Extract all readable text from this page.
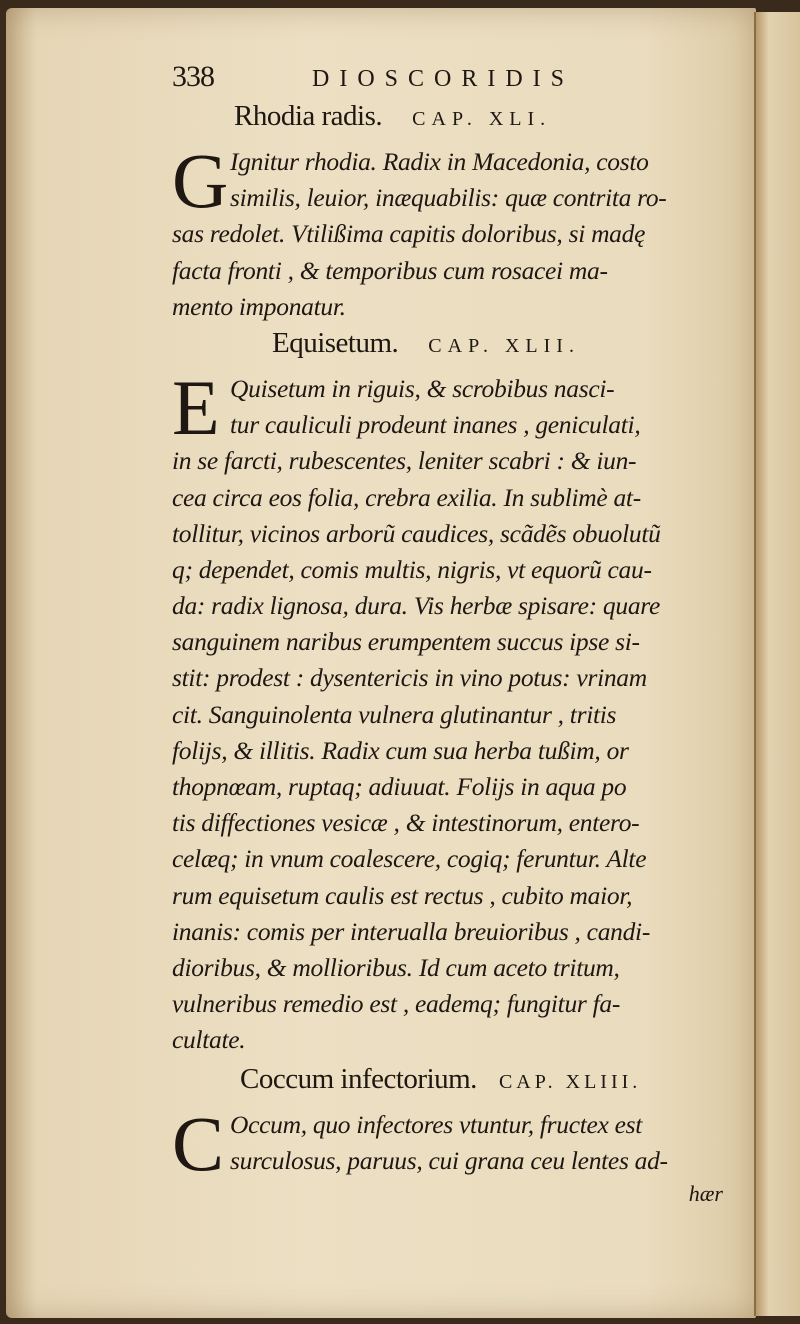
338	DIOSCORIDIS
Rhodia radis. CAP. XLI.
G Ignitur rhodia. Radix in Macedonia, costo
similis, leuior, inæquabilis: quæ contrita ro-
sas redolet. Vtilißima capitis doloribus, si madę
facta fronti , & temporibus cum rosacei ma-
mento imponatur.
Equisetum. CAP. XLII.
E Quisetum in riguis, & scrobibus nasci-
tur cauliculi prodeunt inanes , geniculati,
in se farcti, rubescentes, leniter scabri : & iun-
cea circa eos folia, crebra exilia. In sublimè at-
tollitur, vicinos arborũ caudices, scãdẽs obuolutũ
q; dependet, comis multis, nigris, vt equorũ cau-
da: radix lignosa, dura. Vis herbæ spisare: quare
sanguinem naribus erumpentem succus ipse si-
stit: prodest : dysentericis in vino potus: vrinam
cit. Sanguinolenta vulnera glutinantur , tritis
folijs, & illitis. Radix cum sua herba tußim, or
thopnœam, ruptaq; adiuuat. Folijs in aqua po
tis diffectiones vesicæ , & intestinorum, entero-
celæq; in vnum coalescere, cogiq; feruntur. Alte
rum equisetum caulis est rectus , cubito maior,
inanis: comis per interualla breuioribus , candi-
dioribus, & mollioribus. Id cum aceto tritum,
vulneribus remedio est , eademq; fungitur fa-
cultate.
Coccum infectorium. CAP. XLIII.
C Occum, quo infectores vtuntur, fructex est
surculosus, paruus, cui grana ceu lentes ad-
hær
